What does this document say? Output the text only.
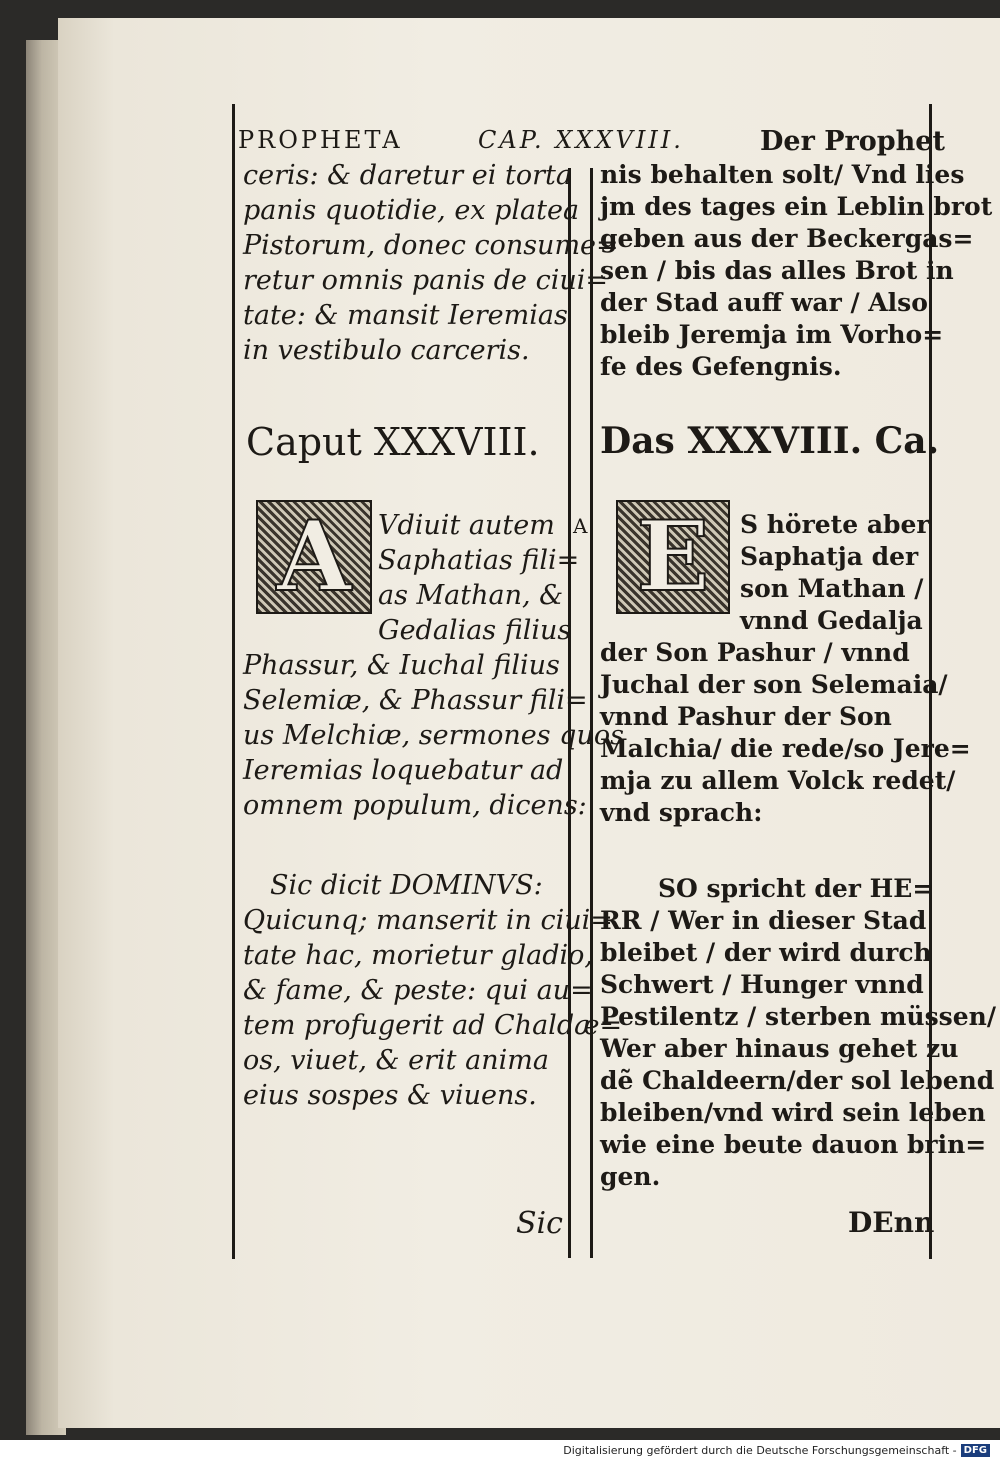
PROPHETA	CAP. XXXVIII.	Der Prophet
ceris: & daretur ei torta
panis quotidie, ex platea
Pistorum, donec consume=
retur omnis panis de ciui=
tate: & mansit Ieremias
in vestibulo carceris.
nis behalten solt/ Vnd lies
jm des tages ein Leblin brot
geben aus der Beckergas=
sen / bis das alles Brot in
der Stad auff war / Also
bleib Jeremja im Vorho=
fe des Gefengnis.
Caput XXXVIII. Das XXXVIII. Ca.
A
A	E
Vdiuit autem
Saphatias fili=
as Mathan, &
Gedalias filius
Phassur, & Iuchal filius
Selemiæ, & Phassur fili=
us Melchiæ, sermones quos
Ieremias loquebatur ad
omnem populum, dicens:
S hörete aber
Saphatja der
son Mathan /
vnnd Gedalja
der Son Pashur / vnnd
Juchal der son Selemaia/
vnnd Pashur der Son
Malchia/ die rede/so Jere=
mja zu allem Volck redet/
vnd sprach:
Sic dicit DOMINVS:
Quicunq; manserit in ciui=
tate hac, morietur gladio,
& fame, & peste: qui au=
tem profugerit ad Chaldæ=
os, viuet, & erit anima
eius sospes & viuens.
SO spricht der HE=
RR / Wer in dieser Stad
bleibet / der wird durch
Schwert / Hunger vnnd
Pestilentz / sterben müssen/
Wer aber hinaus gehet zu
dẽ Chaldeern/der sol lebend
bleiben/vnd wird sein leben
wie eine beute dauon brin=
gen.
Sic	DEnn
Digitalisierung gefördert durch die Deutsche Forschungsgemeinschaft - DFG
